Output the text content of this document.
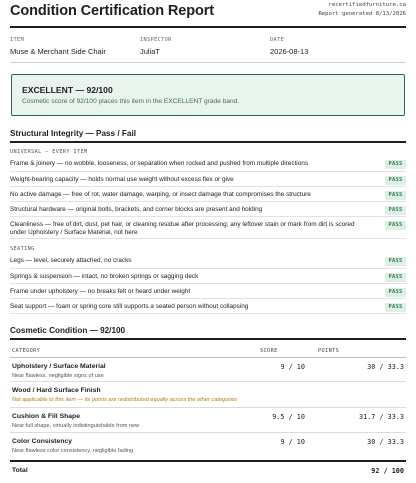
Condition Certification Report	recertifiedfurniture.ca
Report generated 8/13/2026
ITEM
Muse & Merchant Side Chair
INSPECTOR
JuliaT
DATE
2026-08-13
EXCELLENT — 92/100
Cosmetic score of 92/100 places this item in the EXCELLENT grade band.
Structural Integrity — Pass / Fail
UNIVERSAL — EVERY ITEM
Frame & joinery — no wobble, looseness, or separation when rocked and pushed from multiple directions	PASS
Weight-bearing capacity — holds normal use weight without excess flex or give	PASS
No active damage — free of rot, water damage, warping, or insect damage that compromises the structure	PASS
Structural hardware — original bolts, brackets, and corner blocks are present and holding	PASS
Cleanliness — free of dirt, dust, pet hair, or cleaning residue after processing; any leftover stain or mark from dirt is scored under Upholstery / Surface Material, not here
PASS
SEATING
Legs — level, securely attached, no cracks	PASS
Springs & suspension — intact, no broken springs or sagging deck	PASS
Frame under upholstery — no breaks felt or heard under weight	PASS
Seat support — foam or spring core still supports a seated person without collapsing	PASS
Cosmetic Condition — 92/100
CATEGORY	SCORE	POINTS
Upholstery / Surface Material
Near flawless, negligible signs of use
9 / 10	30 / 33.3
Wood / Hard Surface Finish
Not applicable to this item — its points are redistributed equally across the other categories
Cushion & Fill Shape
Near full shape, virtually indistinguishable from new
9.5 / 10	31.7 / 33.3
Color Consistency
Near flawless color consistency, negligible fading
9 / 10	30 / 33.3
Total	92 / 100
